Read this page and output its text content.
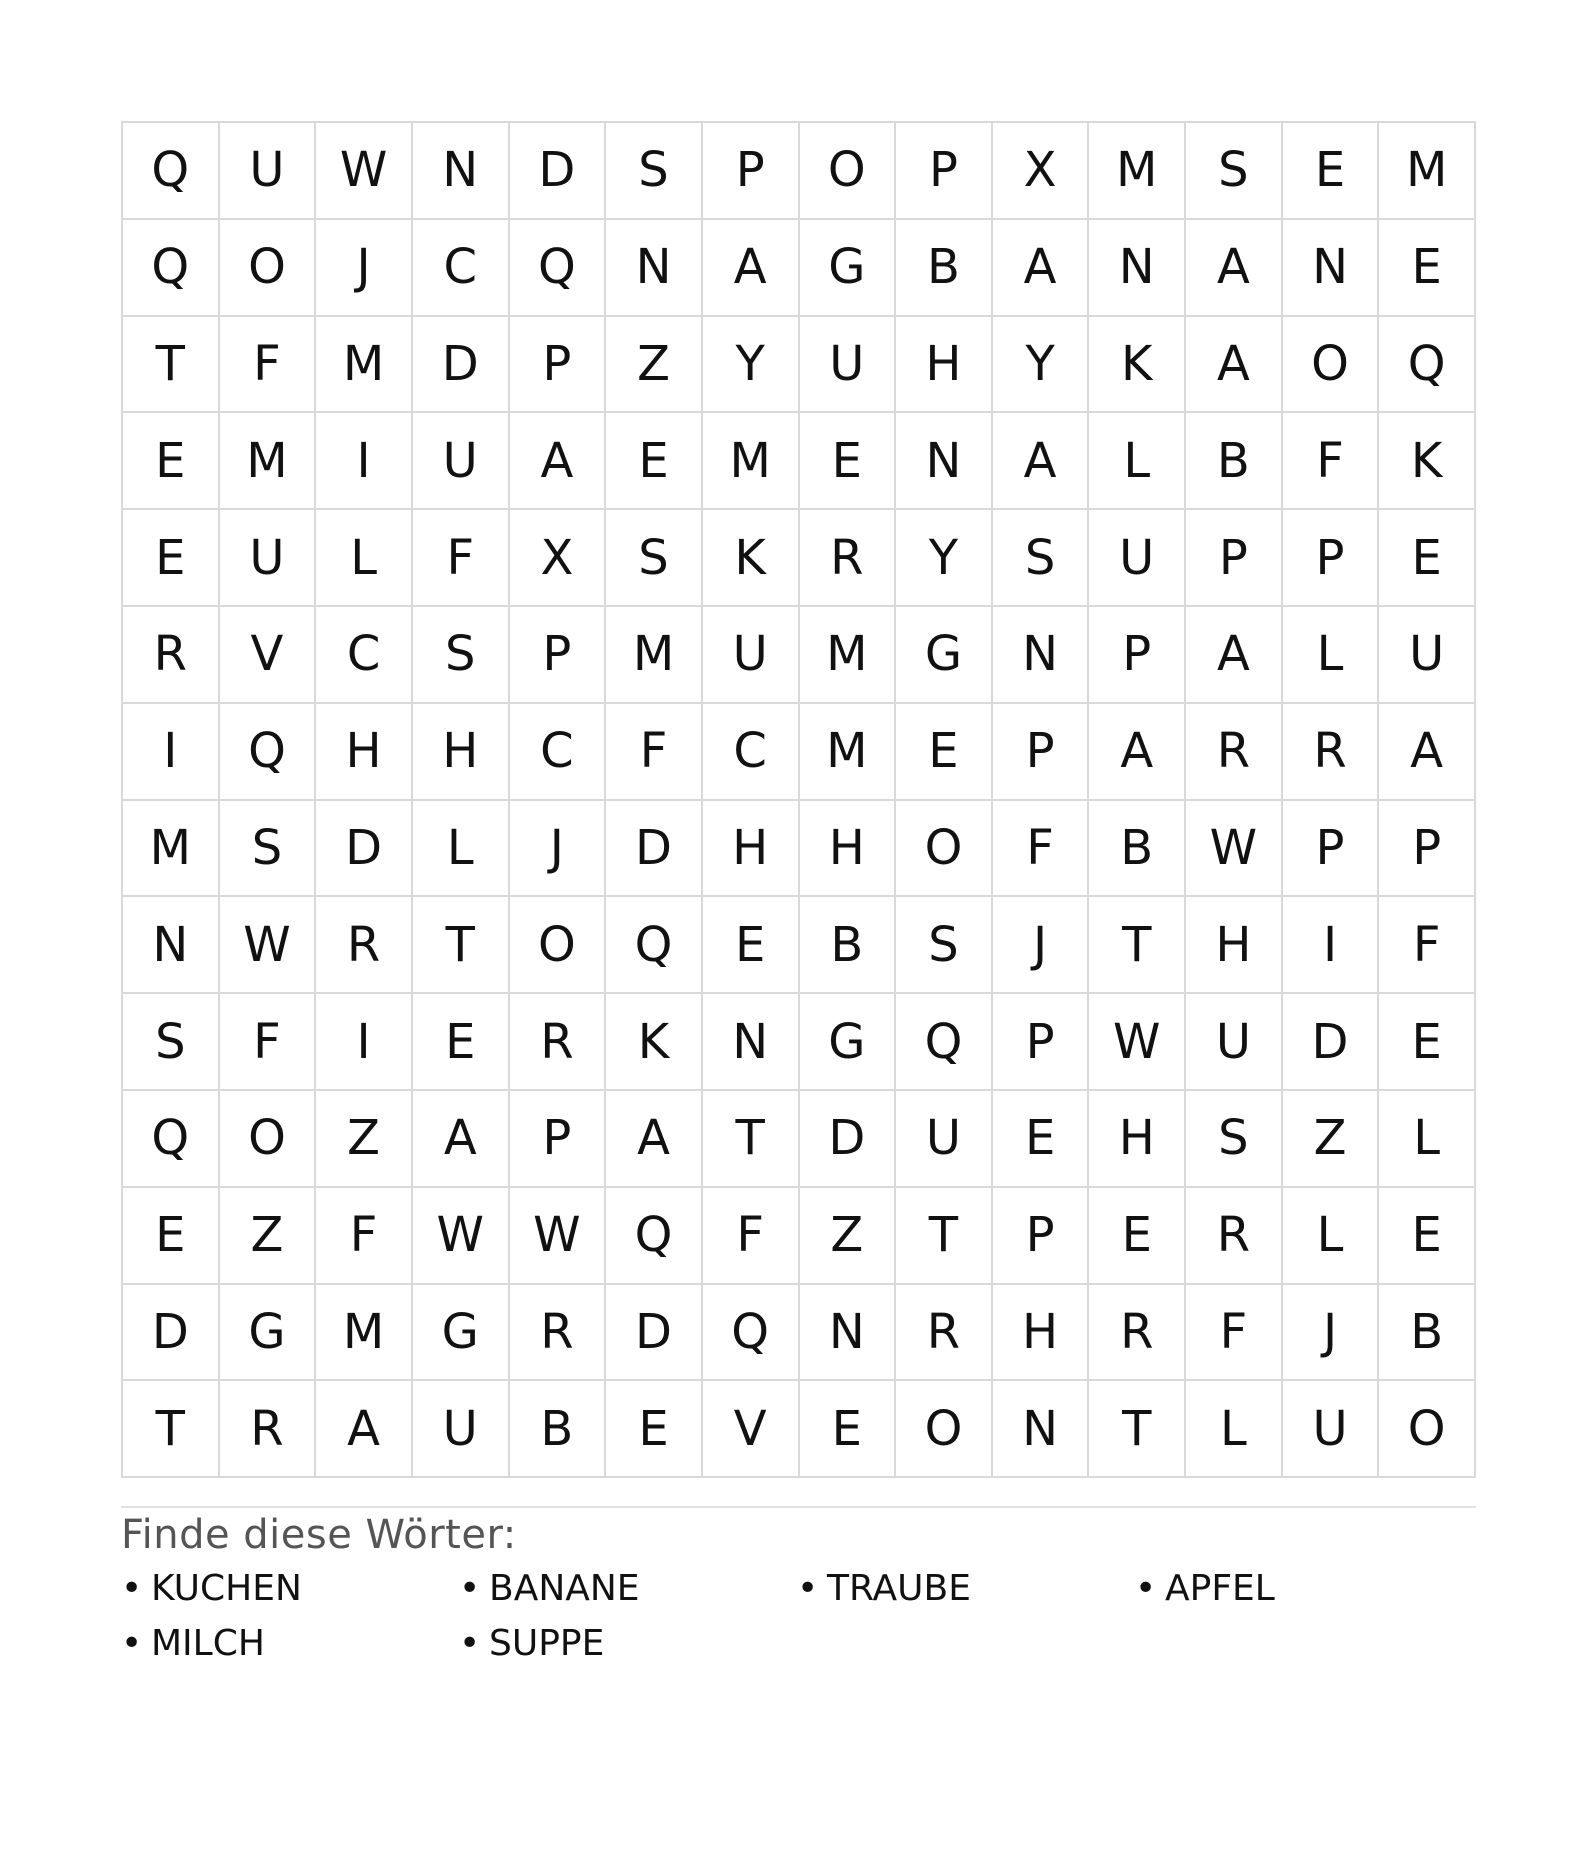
Q	U	W	N	D	S	P	O	P	X	M	S	E	M
Q	O	J	C	Q	N	A	G	B	A	N	A	N	E
T	F	M	D	P	Z	Y	U	H	Y	K	A	O	Q
E	M	I	U	A	E	M	E	N	A	L	B	F	K
E	U	L	F	X	S	K	R	Y	S	U	P	P	E
R	V	C	S	P	M	U	M	G	N	P	A	L	U
I	Q	H	H	C	F	C	M	E	P	A	R	R	A
M	S	D	L	J	D	H	H	O	F	B	W	P	P
N	W	R	T	O	Q	E	B	S	J	T	H	I	F
S	F	I	E	R	K	N	G	Q	P	W	U	D	E
Q	O	Z	A	P	A	T	D	U	E	H	S	Z	L
E	Z	F	W	W	Q	F	Z	T	P	E	R	L	E
D	G	M	G	R	D	Q	N	R	H	R	F	J	B
T	R	A	U	B	E	V	E	O	N	T	L	U	O
Finde diese Wörter:
• KUCHEN	• BANANE	• TRAUBE	• APFEL
• MILCH	• SUPPE
